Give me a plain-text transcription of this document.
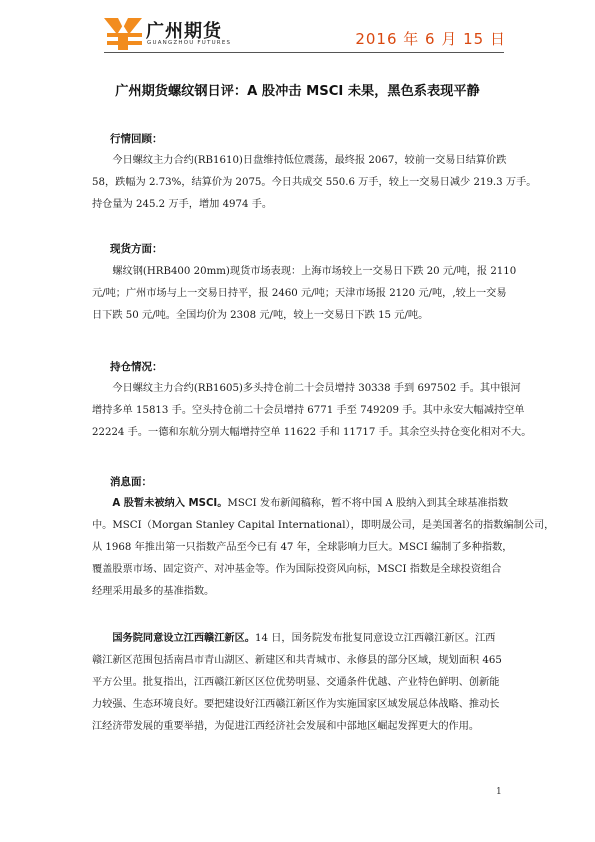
广州期货
GUANGZHOU FUTURES	2016 年 6 月 15 日
广州期货螺纹钢日评：A 股冲击 MSCI 未果，黑色系表现平静
行情回顾：
　　今日螺纹主力合约(RB1610)日盘维持低位震荡，最终报 2067，较前一交易日结算价跌
58，跌幅为 2.73%，结算价为 2075。今日共成交 550.6 万手，较上一交易日减少 219.3 万手。
持仓量为 245.2 万手，增加 4974 手。
现货方面：
　　螺纹钢(HRB400 20mm)现货市场表现：上海市场较上一交易日下跌 20 元/吨，报 2110
元/吨；广州市场与上一交易日持平，报 2460 元/吨；天津市场报 2120 元/吨，,较上一交易
日下跌 50 元/吨。全国均价为 2308 元/吨，较上一交易日下跌 15 元/吨。
持仓情况：
　　今日螺纹主力合约(RB1605)多头持仓前二十会员增持 30338 手到 697502 手。其中银河
增持多单 15813 手。空头持仓前二十会员增持 6771 手至 749209 手。其中永安大幅减持空单
22224 手。一德和东航分别大幅增持空单 11622 手和 11717 手。其余空头持仓变化相对不大。
消息面：
　　A 股暂未被纳入 MSCI。MSCI 发布新闻稿称，暂不将中国 A 股纳入到其全球基准指数
中。MSCI（Morgan Stanley Capital International），即明晟公司，是美国著名的指数编制公司，
从 1968 年推出第一只指数产品至今已有 47 年，全球影响力巨大。MSCI 编制了多种指数，
覆盖股票市场、固定资产、对冲基金等。作为国际投资风向标，MSCI 指数是全球投资组合
经理采用最多的基准指数。
　　国务院同意设立江西赣江新区。14 日，国务院发布批复同意设立江西赣江新区。江西
赣江新区范围包括南昌市青山湖区、新建区和共青城市、永修县的部分区域，规划面积 465
平方公里。批复指出，江西赣江新区区位优势明显、交通条件优越、产业特色鲜明、创新能
力较强、生态环境良好。要把建设好江西赣江新区作为实施国家区域发展总体战略、推动长
江经济带发展的重要举措，为促进江西经济社会发展和中部地区崛起发挥更大的作用。
1
